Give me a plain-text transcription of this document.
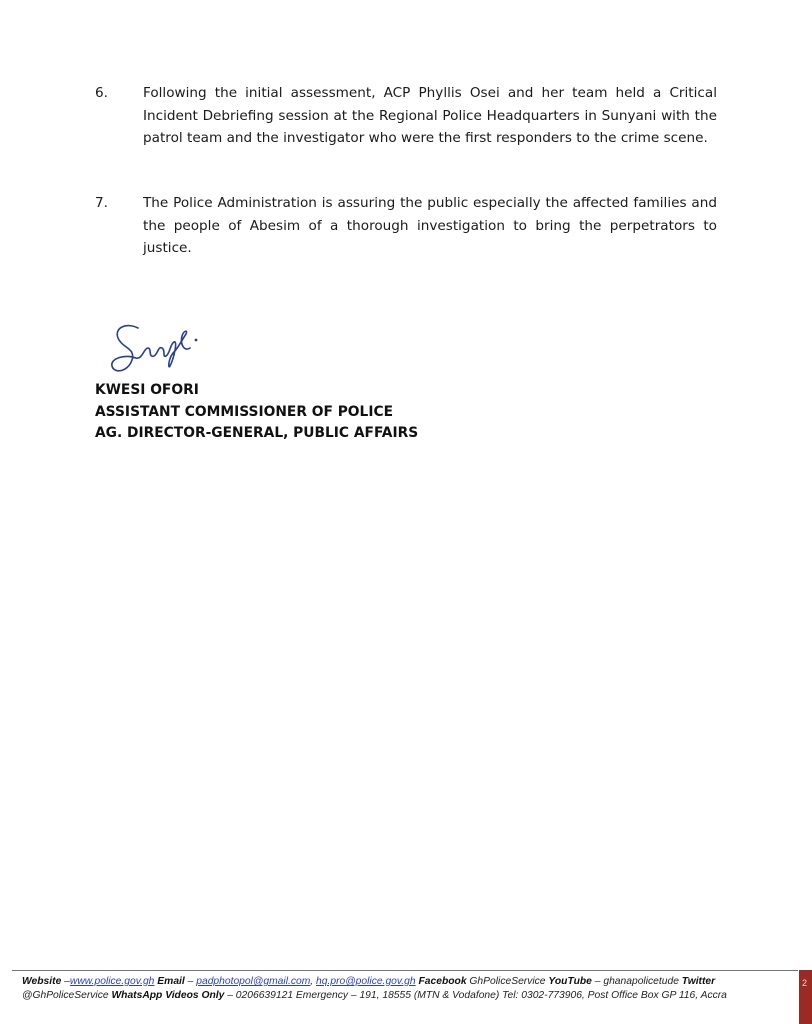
6.	Following the initial assessment, ACP Phyllis Osei and her team held a Critical Incident Debriefing session at the Regional Police Headquarters in Sunyani with the patrol team and the investigator who were the first responders to the crime scene.
7.	The Police Administration is assuring the public especially the affected families and the people of Abesim of a thorough investigation to bring the perpetrators to justice.
KWESI OFORI
ASSISTANT COMMISSIONER OF POLICE
AG. DIRECTOR-GENERAL, PUBLIC AFFAIRS
Website –www.police.gov.gh Email – padphotopol@gmail.com, hq.pro@police.gov.gh Facebook GhPoliceService YouTube – ghanapolicetude Twitter
@GhPoliceService WhatsApp Videos Only – 0206639121 Emergency – 191, 18555 (MTN & Vodafone) Tel: 0302-773906, Post Office Box GP 116, Accra
2
